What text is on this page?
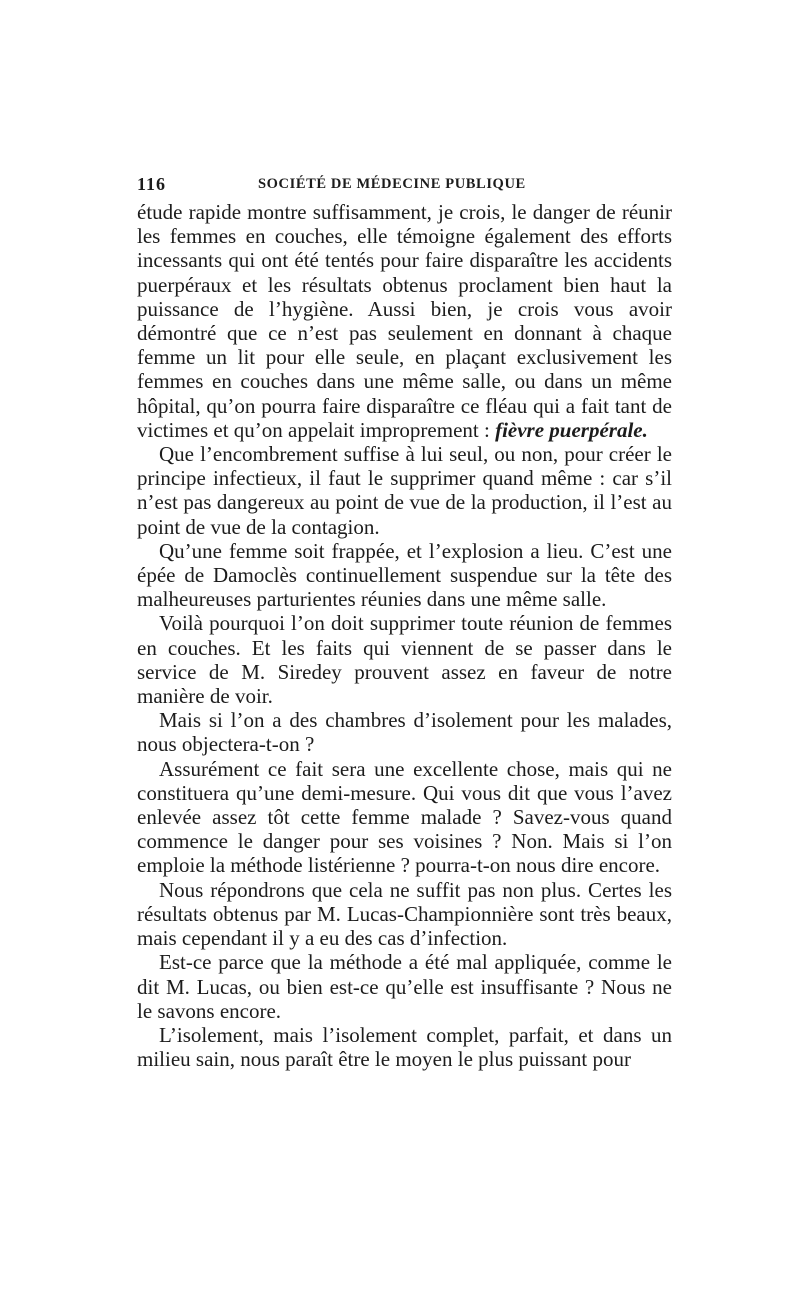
116	SOCIÉTÉ DE MÉDECINE PUBLIQUE

étude rapide montre suffisamment, je crois, le danger de réunir les femmes en couches, elle témoigne également des efforts incessants qui ont été tentés pour faire disparaître les accidents puerpéraux et les résultats obtenus proclament bien haut la puissance de l’hygiène. Aussi bien, je crois vous avoir démontré que ce n’est pas seulement en donnant à chaque femme un lit pour elle seule, en plaçant exclusivement les femmes en couches dans une même salle, ou dans un même hôpital, qu’on pourra faire disparaître ce fléau qui a fait tant de victimes et qu’on appelait improprement : fièvre puerpérale.

Que l’encombrement suffise à lui seul, ou non, pour créer le principe infectieux, il faut le supprimer quand même : car s’il n’est pas dangereux au point de vue de la production, il l’est au point de vue de la contagion.

Qu’une femme soit frappée, et l’explosion a lieu. C’est une épée de Damoclès continuellement suspendue sur la tête des malheureuses parturientes réunies dans une même salle.

Voilà pourquoi l’on doit supprimer toute réunion de femmes en couches. Et les faits qui viennent de se passer dans le service de M. Siredey prouvent assez en faveur de notre manière de voir.

Mais si l’on a des chambres d’isolement pour les malades, nous objectera-t-on ?

Assurément ce fait sera une excellente chose, mais qui ne constituera qu’une demi-mesure. Qui vous dit que vous l’avez enlevée assez tôt cette femme malade ? Savez-vous quand commence le danger pour ses voisines ? Non. Mais si l’on emploie la méthode listérienne ? pourra-t-on nous dire encore.

Nous répondrons que cela ne suffit pas non plus. Certes les résultats obtenus par M. Lucas-Championnière sont très beaux, mais cependant il y a eu des cas d’infection.

Est-ce parce que la méthode a été mal appliquée, comme le dit M. Lucas, ou bien est-ce qu’elle est insuffisante ? Nous ne le savons encore.

L’isolement, mais l’isolement complet, parfait, et dans un milieu sain, nous paraît être le moyen le plus puissant pour
